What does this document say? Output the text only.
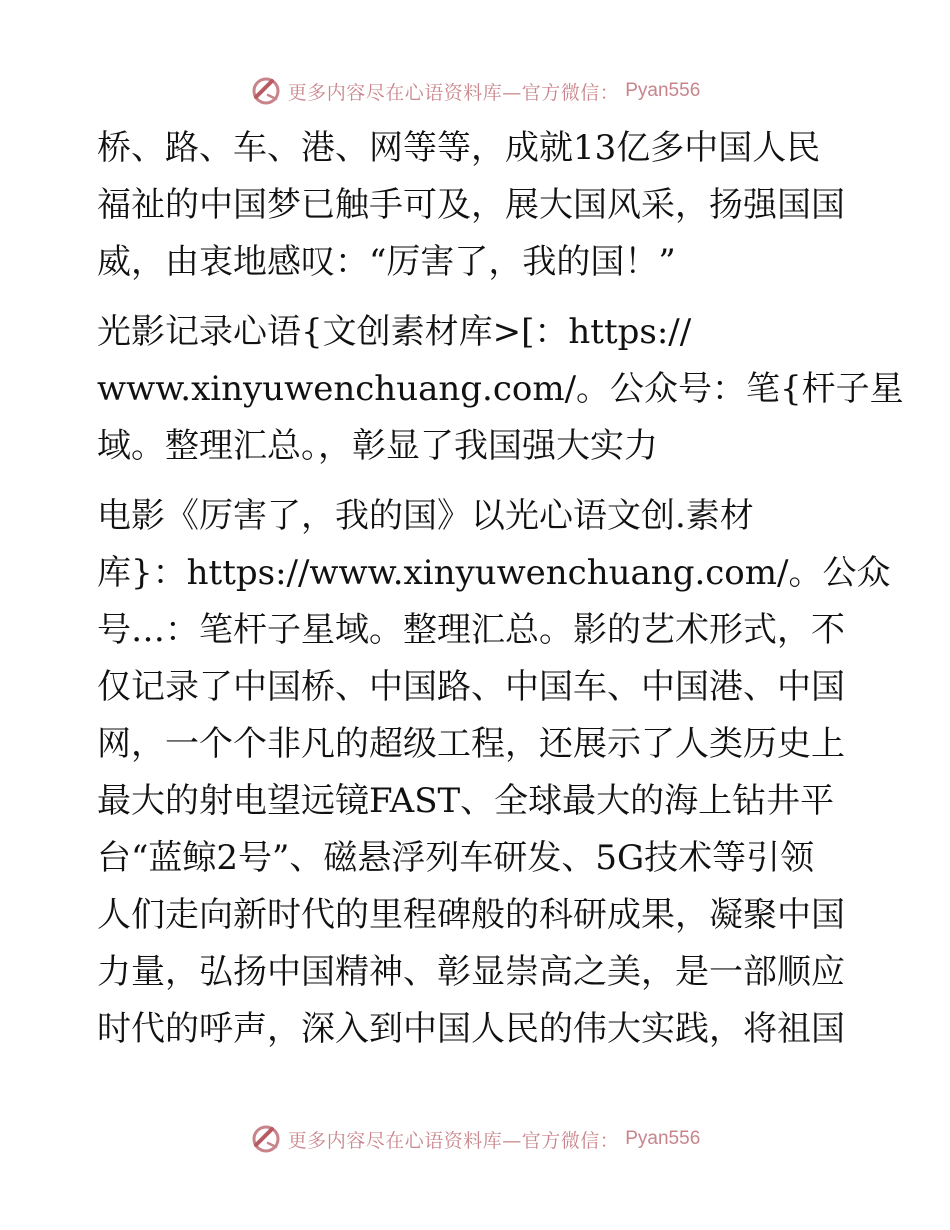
更多内容尽在心语资料库—官方微信： Pyan556

桥、路、车、港、网等等，成就13亿多中国人民
福祉的中国梦已触手可及，展大国风采，扬强国国
威，由衷地感叹：“厉害了，我的国！”

光影记录心语{文创素材库>[：https://
www.xinyuwenchuang.com/。公众号：笔{杆子星
域。整理汇总。，彰显了我国强大实力

电影《厉害了，我的国》以光心语文创.素材
库}：https://www.xinyuwenchuang.com/。公众
号…：笔杆子星域。整理汇总。影的艺术形式，不
仅记录了中国桥、中国路、中国车、中国港、中国
网，一个个非凡的超级工程，还展示了人类历史上
最大的射电望远镜FAST、全球最大的海上钻井平
台“蓝鲸2号”、磁悬浮列车研发、5G技术等引领
人们走向新时代的里程碑般的科研成果，凝聚中国
力量，弘扬中国精神、彰显崇高之美，是一部顺应
时代的呼声，深入到中国人民的伟大实践，将祖国

更多内容尽在心语资料库—官方微信： Pyan556
